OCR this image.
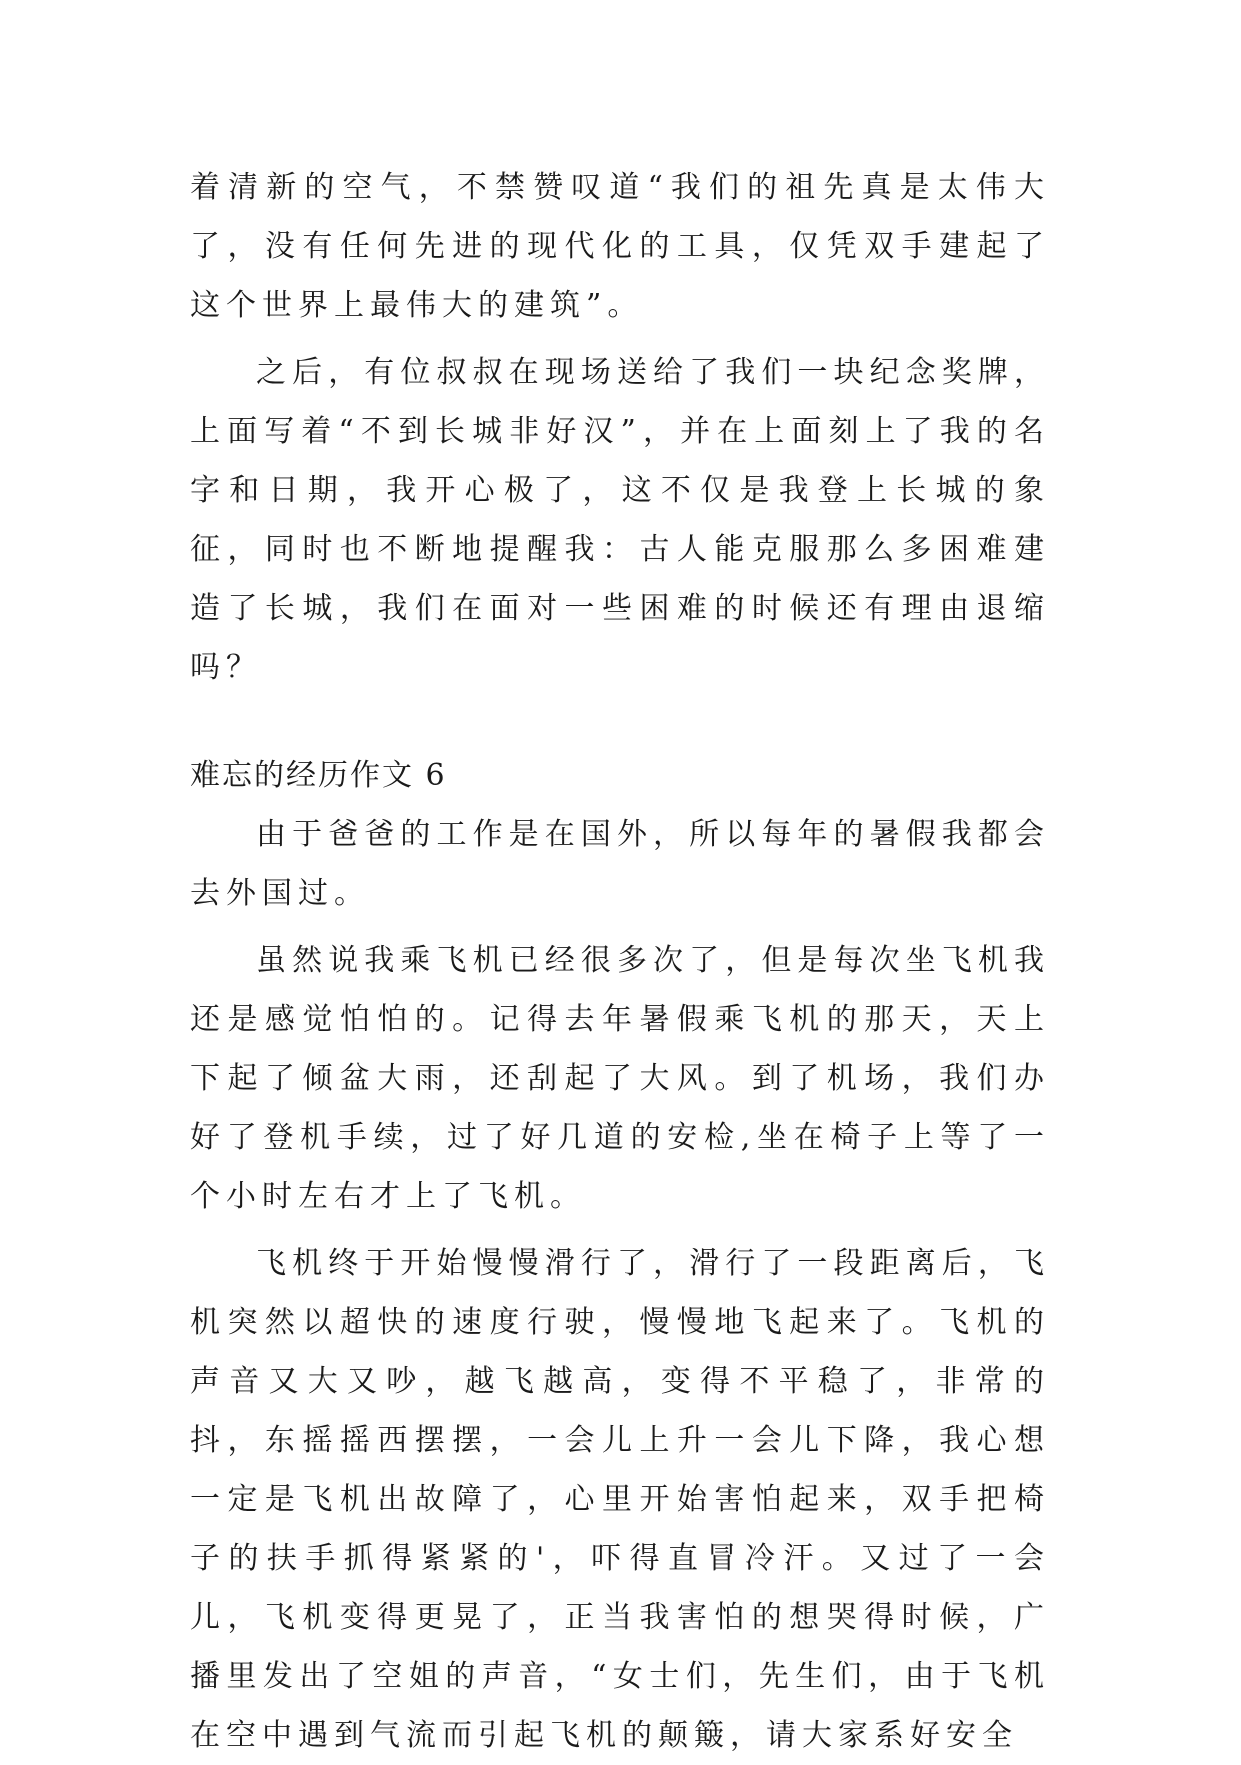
着清新的空气，不禁赞叹道“我们的祖先真是太伟大了，没有任何先进的现代化的工具，仅凭双手建起了这个世界上最伟大的建筑”。

之后，有位叔叔在现场送给了我们一块纪念奖牌，上面写着“不到长城非好汉”，并在上面刻上了我的名字和日期，我开心极了，这不仅是我登上长城的象征，同时也不断地提醒我：古人能克服那么多困难建造了长城，我们在面对一些困难的时候还有理由退缩吗？

难忘的经历作文 6

由于爸爸的工作是在国外，所以每年的暑假我都会去外国过。

虽然说我乘飞机已经很多次了，但是每次坐飞机我还是感觉怕怕的。记得去年暑假乘飞机的那天，天上下起了倾盆大雨，还刮起了大风。到了机场，我们办好了登机手续，过了好几道的安检,坐在椅子上等了一个小时左右才上了飞机。

飞机终于开始慢慢滑行了，滑行了一段距离后，飞机突然以超快的速度行驶，慢慢地飞起来了。飞机的声音又大又吵，越飞越高，变得不平稳了，非常的抖，东摇摇西摆摆，一会儿上升一会儿下降，我心想一定是飞机出故障了，心里开始害怕起来，双手把椅子的扶手抓得紧紧的'，吓得直冒冷汗。又过了一会儿，飞机变得更晃了，正当我害怕的想哭得时候，广播里发出了空姐的声音，“女士们，先生们，由于飞机在空中遇到气流而引起飞机的颠簸，请大家系好安全
